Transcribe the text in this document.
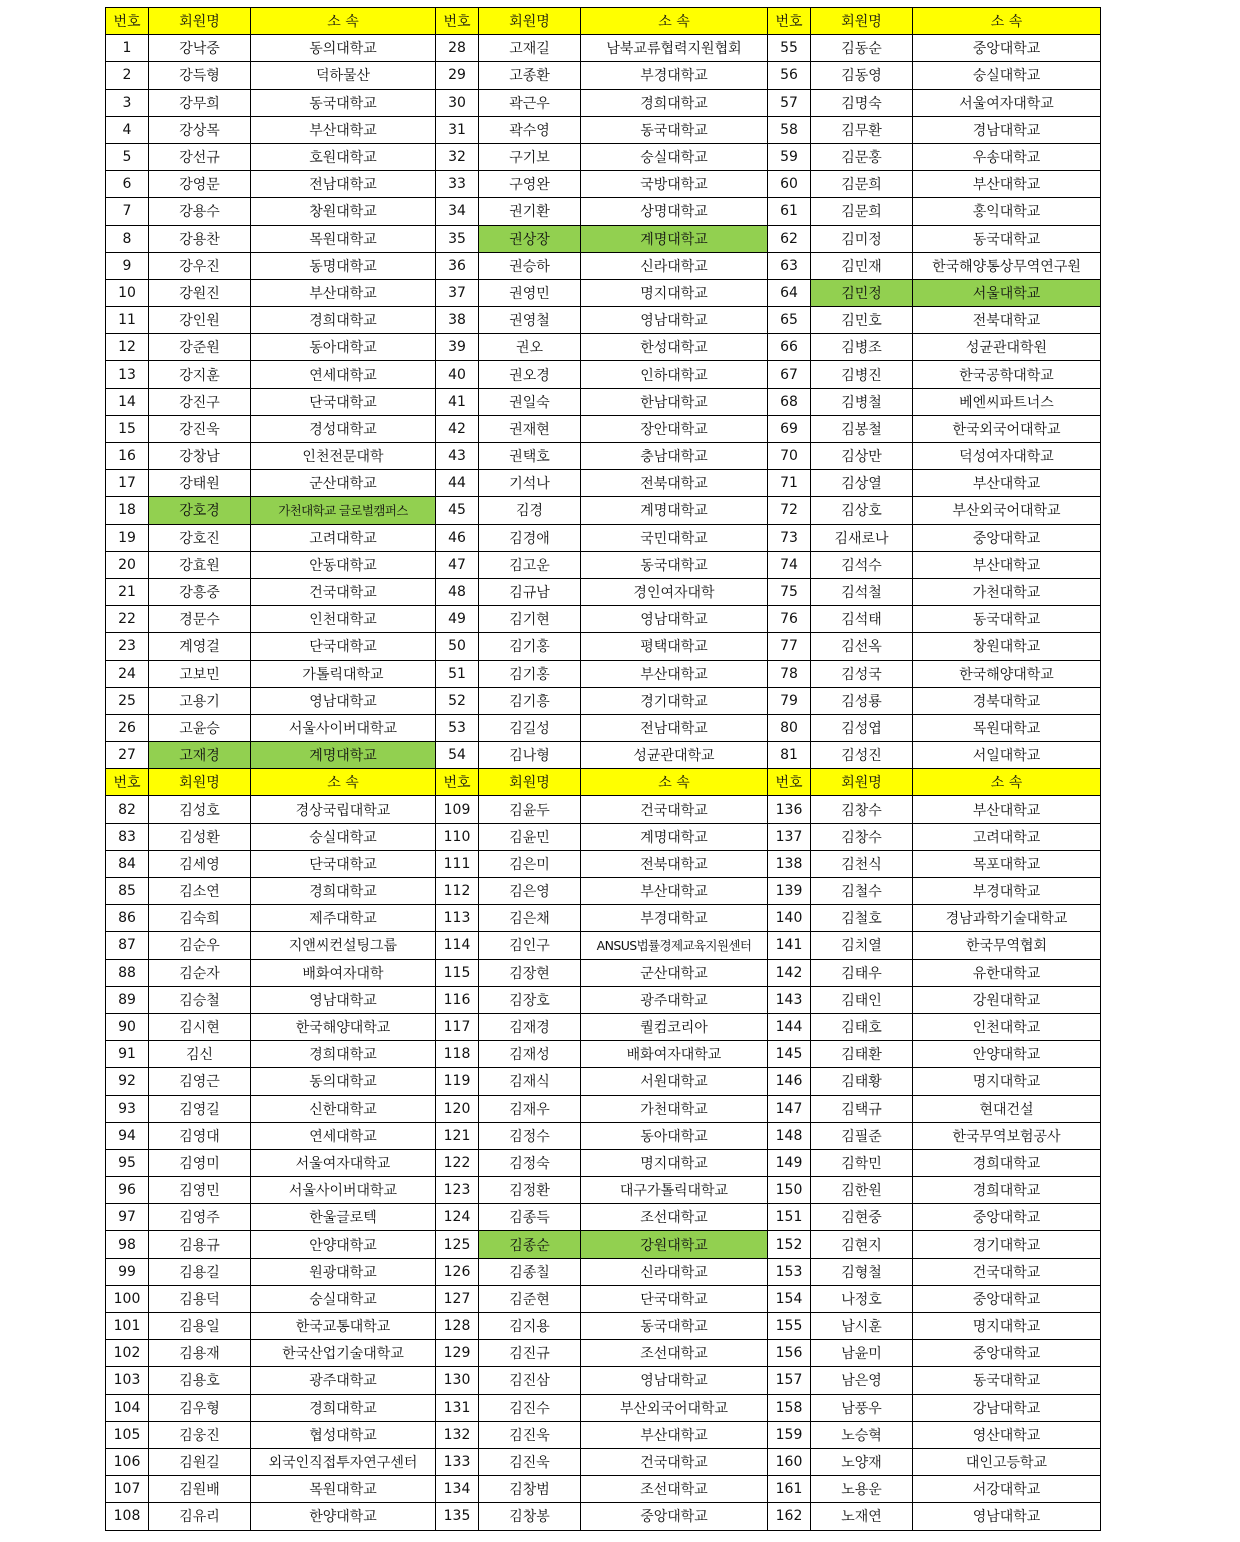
번호	회원명	소 속	번호	회원명	소 속	번호	회원명	소 속
1	강낙중	동의대학교	28	고재길	남북교류협력지원협회	55	김동순	중앙대학교
2	강득형	덕하물산	29	고종환	부경대학교	56	김동영	숭실대학교
3	강무희	동국대학교	30	곽근우	경희대학교	57	김명숙	서울여자대학교
4	강상목	부산대학교	31	곽수영	동국대학교	58	김무환	경남대학교
5	강선규	호원대학교	32	구기보	숭실대학교	59	김문홍	우송대학교
6	강영문	전남대학교	33	구영완	국방대학교	60	김문희	부산대학교
7	강용수	창원대학교	34	권기환	상명대학교	61	김문희	홍익대학교
8	강용찬	목원대학교	35	권상장	계명대학교	62	김미정	동국대학교
9	강우진	동명대학교	36	권승하	신라대학교	63	김민재	한국해양통상무역연구원
10	강원진	부산대학교	37	권영민	명지대학교	64	김민정	서울대학교
11	강인원	경희대학교	38	권영철	영남대학교	65	김민호	전북대학교
12	강준원	동아대학교	39	권오	한성대학교	66	김병조	성균관대학원
13	강지훈	연세대학교	40	권오경	인하대학교	67	김병진	한국공학대학교
14	강진구	단국대학교	41	권일숙	한남대학교	68	김병철	베엔씨파트너스
15	강진욱	경성대학교	42	권재현	장안대학교	69	김봉철	한국외국어대학교
16	강창남	인천전문대학	43	권택호	충남대학교	70	김상만	덕성여자대학교
17	강태원	군산대학교	44	기석나	전북대학교	71	김상열	부산대학교
18	강호경	가천대학교 글로벌캠퍼스	45	김경	계명대학교	72	김상호	부산외국어대학교
19	강호진	고려대학교	46	김경애	국민대학교	73	김새로나	중앙대학교
20	강효원	안동대학교	47	김고운	동국대학교	74	김석수	부산대학교
21	강흥중	건국대학교	48	김규남	경인여자대학	75	김석철	가천대학교
22	경문수	인천대학교	49	김기현	영남대학교	76	김석태	동국대학교
23	계영걸	단국대학교	50	김기홍	평택대학교	77	김선옥	창원대학교
24	고보민	가톨릭대학교	51	김기홍	부산대학교	78	김성국	한국해양대학교
25	고용기	영남대학교	52	김기흥	경기대학교	79	김성룡	경북대학교
26	고윤승	서울사이버대학교	53	김길성	전남대학교	80	김성엽	목원대학교
27	고재경	계명대학교	54	김나형	성균관대학교	81	김성진	서일대학교
번호	회원명	소 속	번호	회원명	소 속	번호	회원명	소 속
82	김성호	경상국립대학교	109	김윤두	건국대학교	136	김창수	부산대학교
83	김성환	숭실대학교	110	김윤민	계명대학교	137	김창수	고려대학교
84	김세영	단국대학교	111	김은미	전북대학교	138	김천식	목포대학교
85	김소연	경희대학교	112	김은영	부산대학교	139	김철수	부경대학교
86	김숙희	제주대학교	113	김은채	부경대학교	140	김철호	경남과학기술대학교
87	김순우	지앤씨컨설팅그룹	114	김인구	ANSUS법률경제교육지원센터	141	김치열	한국무역협회
88	김순자	배화여자대학	115	김장현	군산대학교	142	김태우	유한대학교
89	김승철	영남대학교	116	김장호	광주대학교	143	김태인	강원대학교
90	김시현	한국해양대학교	117	김재경	퀄컴코리아	144	김태호	인천대학교
91	김신	경희대학교	118	김재성	배화여자대학교	145	김태환	안양대학교
92	김영근	동의대학교	119	김재식	서원대학교	146	김태황	명지대학교
93	김영길	신한대학교	120	김재우	가천대학교	147	김택규	현대건설
94	김영대	연세대학교	121	김정수	동아대학교	148	김필준	한국무역보험공사
95	김영미	서울여자대학교	122	김정숙	명지대학교	149	김학민	경희대학교
96	김영민	서울사이버대학교	123	김정환	대구가톨릭대학교	150	김한원	경희대학교
97	김영주	한울글로텍	124	김종득	조선대학교	151	김현중	중앙대학교
98	김용규	안양대학교	125	김종순	강원대학교	152	김현지	경기대학교
99	김용길	원광대학교	126	김종칠	신라대학교	153	김형철	건국대학교
100	김용덕	숭실대학교	127	김준현	단국대학교	154	나정호	중앙대학교
101	김용일	한국교통대학교	128	김지용	동국대학교	155	남시훈	명지대학교
102	김용재	한국산업기술대학교	129	김진규	조선대학교	156	남윤미	중앙대학교
103	김용호	광주대학교	130	김진삼	영남대학교	157	남은영	동국대학교
104	김우형	경희대학교	131	김진수	부산외국어대학교	158	남풍우	강남대학교
105	김웅진	협성대학교	132	김진욱	부산대학교	159	노승혁	영산대학교
106	김원길	외국인직접투자연구센터	133	김진욱	건국대학교	160	노양재	대인고등학교
107	김원배	목원대학교	134	김창범	조선대학교	161	노용운	서강대학교
108	김유리	한양대학교	135	김창봉	중앙대학교	162	노재연	영남대학교
